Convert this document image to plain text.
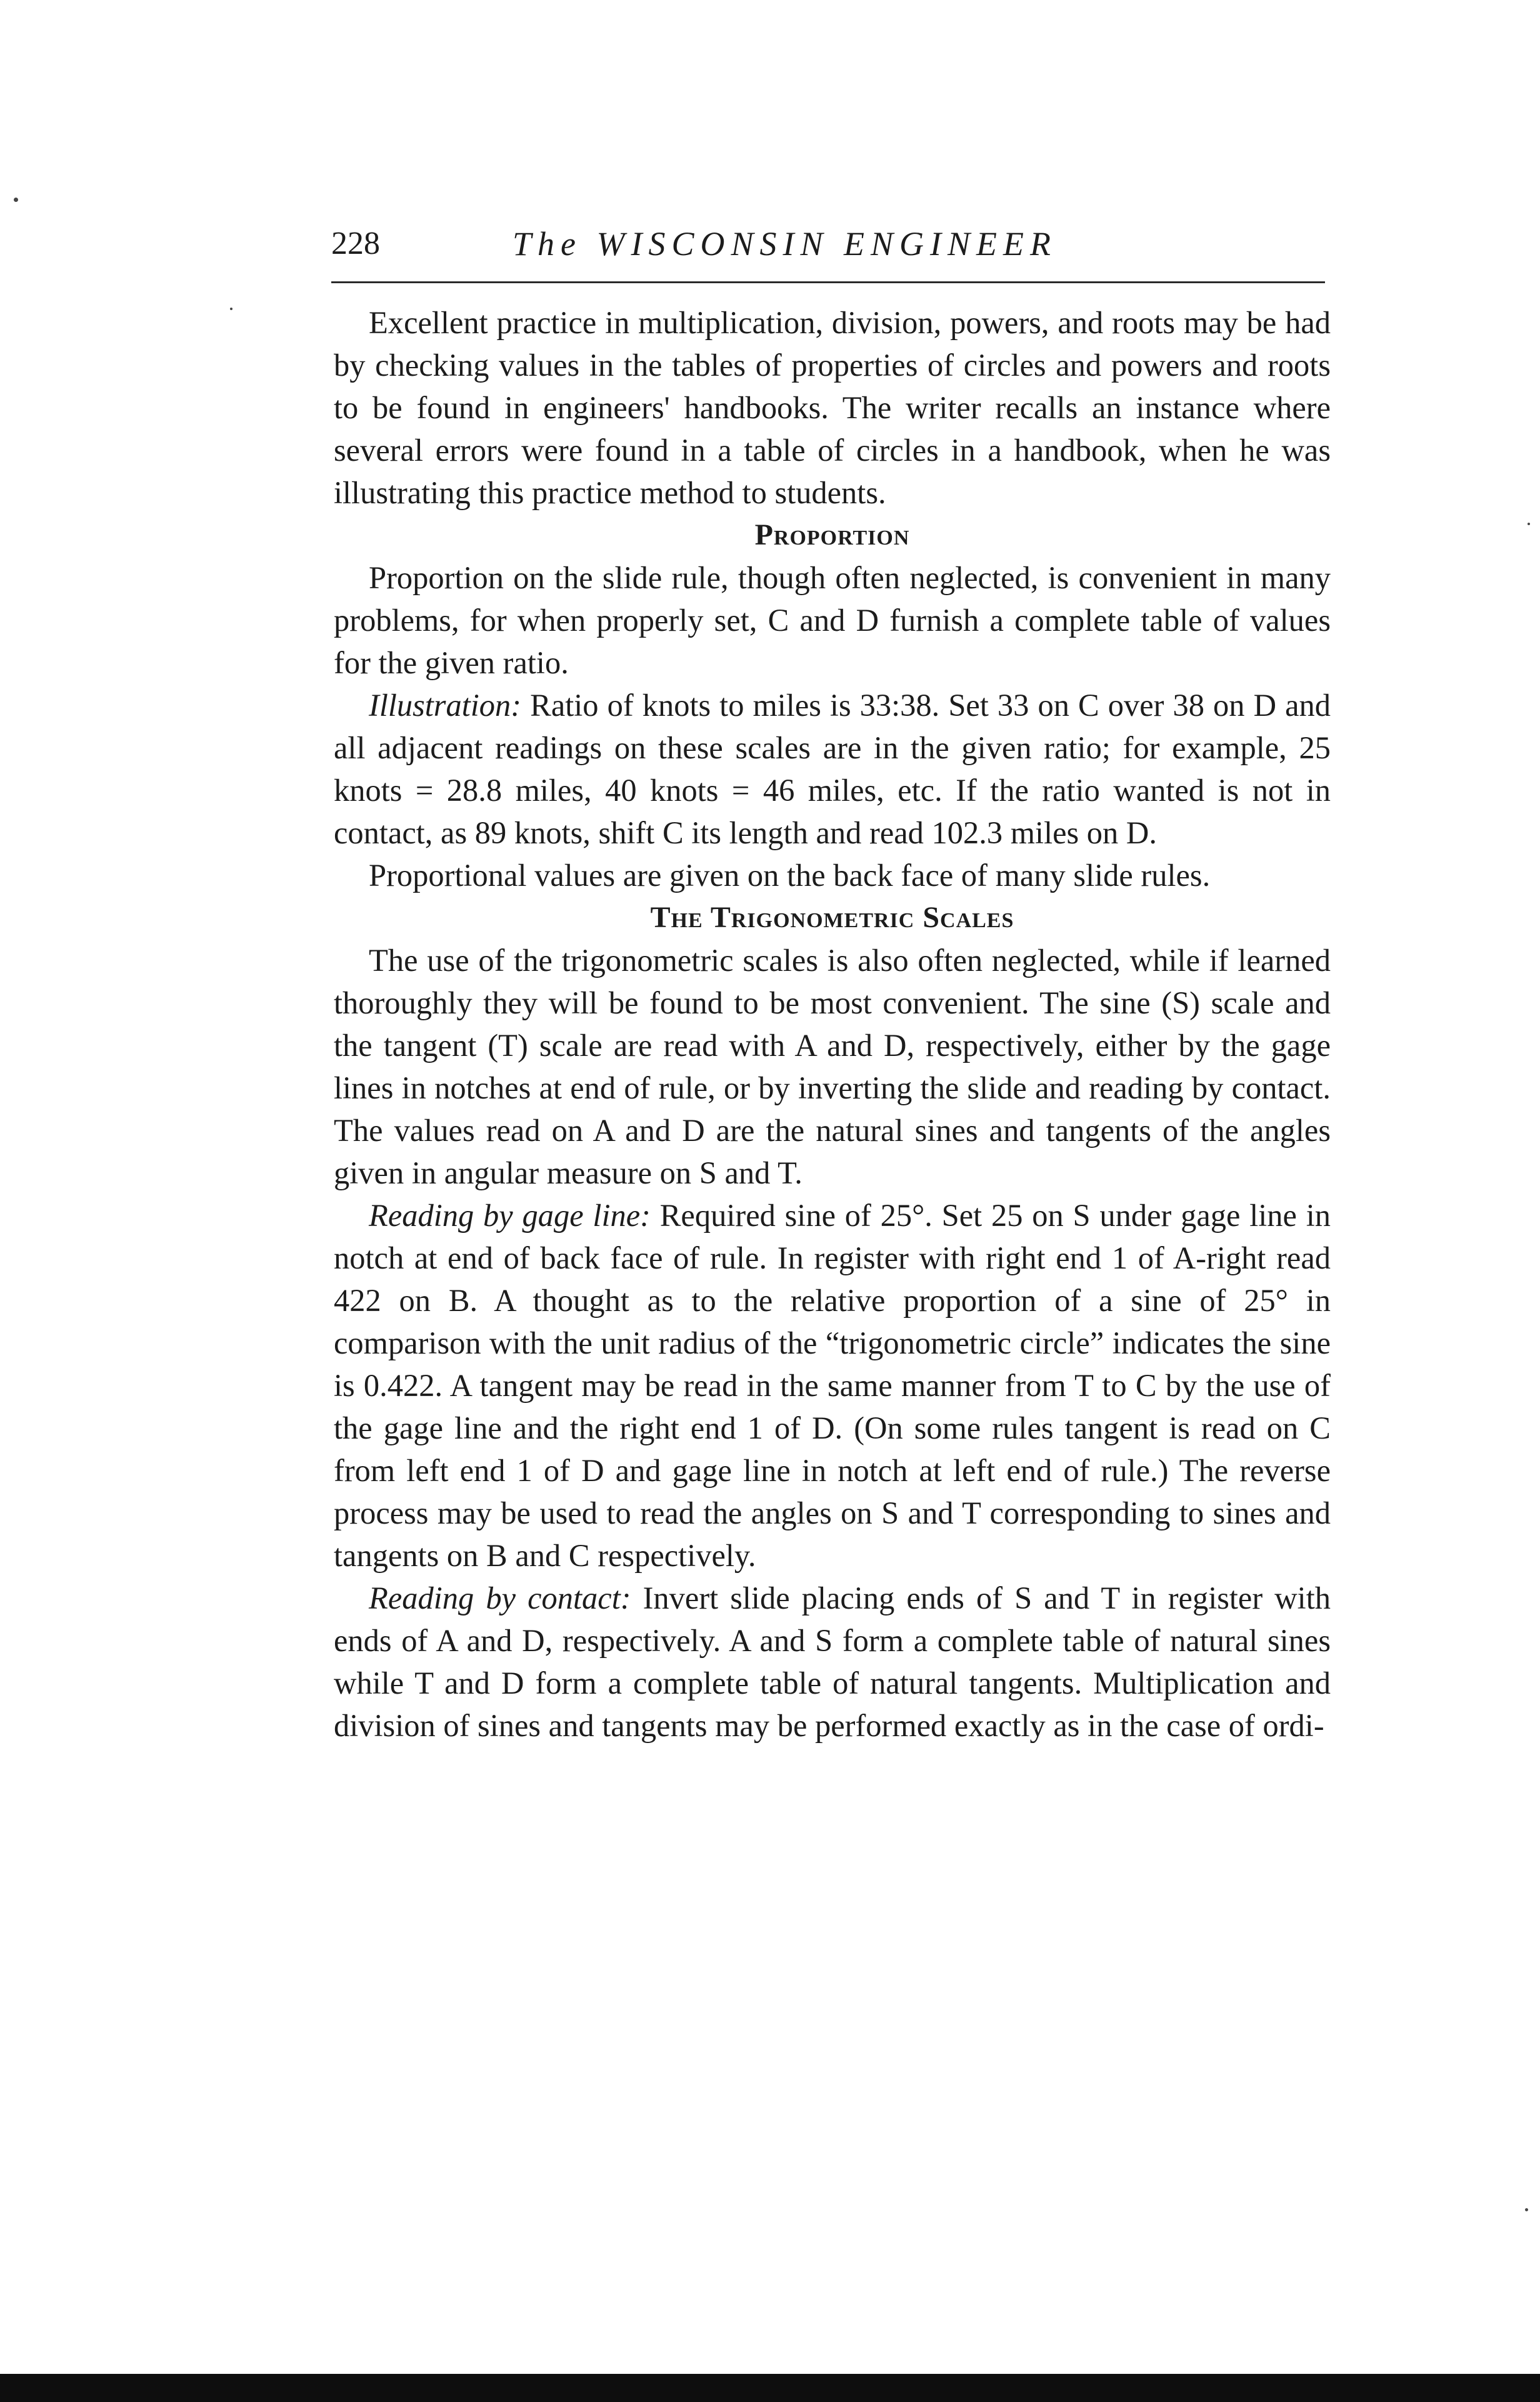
228	The WISCONSIN ENGINEER

Excellent practice in multiplication, division, powers, and roots may be had by checking values in the tables of properties of circles and powers and roots to be found in engineers' handbooks. The writer recalls an instance where several errors were found in a table of circles in a handbook, when he was illustrating this practice method to students.

Proportion

Proportion on the slide rule, though often neglected, is convenient in many problems, for when properly set, C and D furnish a complete table of values for the given ratio.

Illustration: Ratio of knots to miles is 33:38. Set 33 on C over 38 on D and all adjacent readings on these scales are in the given ratio; for example, 25 knots = 28.8 miles, 40 knots = 46 miles, etc. If the ratio wanted is not in contact, as 89 knots, shift C its length and read 102.3 miles on D.

Proportional values are given on the back face of many slide rules.

The Trigonometric Scales

The use of the trigonometric scales is also often neglected, while if learned thoroughly they will be found to be most convenient. The sine (S) scale and the tangent (T) scale are read with A and D, respectively, either by the gage lines in notches at end of rule, or by inverting the slide and reading by contact. The values read on A and D are the natural sines and tangents of the angles given in angular measure on S and T.

Reading by gage line: Required sine of 25°. Set 25 on S under gage line in notch at end of back face of rule. In register with right end 1 of A-right read 422 on B. A thought as to the relative proportion of a sine of 25° in comparison with the unit radius of the “trigonometric circle” indicates the sine is 0.422. A tangent may be read in the same manner from T to C by the use of the gage line and the right end 1 of D. (On some rules tangent is read on C from left end 1 of D and gage line in notch at left end of rule.) The reverse process may be used to read the angles on S and T corresponding to sines and tangents on B and C respectively.

Reading by contact: Invert slide placing ends of S and T in register with ends of A and D, respectively. A and S form a complete table of natural sines while T and D form a complete table of natural tangents. Multiplication and division of sines and tangents may be performed exactly as in the case of ordi-
